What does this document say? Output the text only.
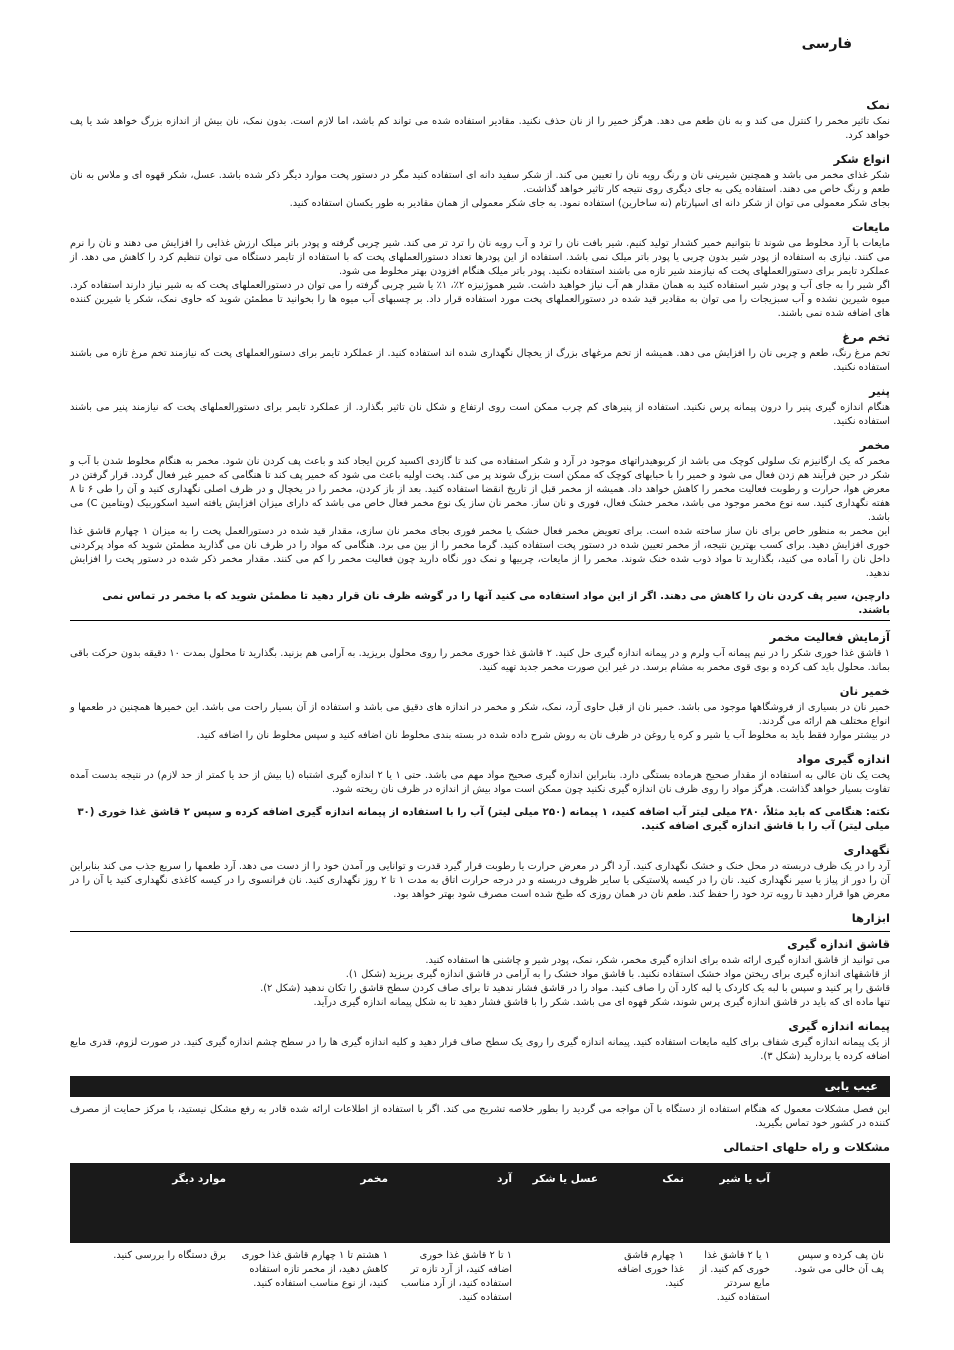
فارسی
نمک

نمک تاثیر مخمر را کنترل می کند و به نان طعم می دهد. هرگز خمیر را از نان حذف نکنید. مقادیر استفاده شده می تواند کم باشد، اما لازم است. بدون نمک، نان بیش از اندازه بزرگ خواهد شد یا پف خواهد کرد.

انواع شکر

شکر غذای مخمر می باشد و همچنین شیرینی نان و رنگ رویه نان را تعیین می کند. از شکر سفید دانه ای استفاده کنید مگر در دستور پخت موارد دیگر ذکر شده باشد. عسل، شکر قهوه ای و ملاس به نان طعم و رنگ خاص می دهند. استفاده یکی به جای دیگری روی نتیجه کار تاثیر خواهد گذاشت.

بجای شکر معمولی می توان از شکر دانه ای اسپارتام (نه ساخارین) استفاده نمود. به جای شکر معمولی از همان مقادیر به طور یکسان استفاده کنید.

مایعات

مایعات با آرد مخلوط می شوند تا بتوانیم خمیر کشدار تولید کنیم. شیر بافت نان را ترد و آب رویه نان را ترد تر می کند. شیر چربی گرفته و پودر باتر میلک ارزش غذایی را افزایش می دهند و نان را نرم می کنند. نیازی به استفاده از پودر شیر بدون چربی یا پودر باتر میلک نمی باشد. استفاده از این پودرها تعداد دستورالعملهای پخت که با استفاده از تایمر دستگاه می توان تنظیم کرد را کاهش می دهد. از عملکرد تایمر برای دستورالعملهای پخت که نیازمند شیر تازه می باشند استفاده نکنید. پودر باتر میلک هنگام افزودن بهتر مخلوط می شود.

اگر شیر را به جای آب و پودر شیر استفاده کنید به همان مقدار هم آب نیاز خواهید داشت. شیر هموژنیزه ۲٪، ۱٪ یا شیر چربی گرفته را می توان در دستورالعملهای پخت که به شیر نیاز دارند استفاده کرد. میوه شیرین نشده و آب سبزیجات را می توان به مقادیر قید شده در دستورالعملهای پخت مورد استفاده قرار داد. بر چسبهای آب میوه ها را بخوانید تا مطمئن شوید که حاوی نمک، شکر یا شیرین کننده های اضافه شده نمی باشند.

تخم مرغ

تخم مرغ رنگ، طعم و چربی نان را افزایش می دهد. همیشه از تخم مرغهای بزرگ از یخچال نگهداری شده اند استفاده کنید. از عملکرد تایمر برای دستورالعملهای پخت که نیازمند تخم مرغ تازه می باشند استفاده نکنید.

پنیر

هنگام اندازه گیری پنیر را درون پیمانه پرس نکنید. استفاده از پنیرهای کم چرب ممکن است روی ارتفاع و شکل نان تاثیر بگذارد. از عملکرد تایمر برای دستورالعملهای پخت که نیازمند پنیر می باشند استفاده نکنید.

مخمر

مخمر که یک ارگانیزم تک سلولی کوچک می باشد از کربوهیدراتهای موجود در آرد و شکر استفاده می کند تا گازدی اکسید کربن ایجاد کند و باعث پف کردن نان شود. مخمر به هنگام مخلوط شدن با آب و شکر در حین فرآیند هم زدن فعال می شود و خمیر را با حبابهای کوچک که ممکن است بزرگ شوند پر می کند. پخت اولیه باعث می شود که خمیر پف کند تا هنگامی که خمیر غیر فعال گردد. قرار گرفتن در معرض هوا، حرارت و رطوبت فعالیت مخمر را کاهش خواهد داد. همیشه از مخمر قبل از تاریخ انقضا استفاده کنید. بعد از باز کردن، مخمر را در یخچال و در ظرف اصلی نگهداری کنید و آن را طی ۶ تا ۸ هفته نگهداری کنید. سه نوع مخمر موجود می باشد، مخمر خشک فعال، فوری و نان ساز. مخمر نان ساز یک نوع مخمر فعال خاص می باشد که دارای میزان افزایش یافته اسید اسکوربیک (ویتامین C) می باشد.

این مخمر به منظور خاص برای نان ساز ساخته شده است. برای تعویض مخمر فعال خشک یا مخمر فوری بجای مخمر نان سازی، مقدار قید شده در دستورالعمل پخت را به میزان ۱ چهارم قاشق غذا خوری افزایش دهید. برای کسب بهترین نتیجه، از مخمر تعیین شده در دستور پخت استفاده کنید. گرما مخمر را از بین می برد. هنگامی که مواد را در ظرف نان می گذارید مطمئن شوید که مواد پرکردنی داخل نان را آماده می کنید، بگذارید تا مواد ذوب شده خنک شوند. مخمر را از مایعات، چربیها و نمک دور نگاه دارید چون فعالیت مخمر را کم می کنند. مقدار مخمر ذکر شده در دستور پخت را افزایش ندهید.

دارچین، سیر پف کردن نان را کاهش می دهند. اگر از این مواد استفاده می کنید آنها را در گوشه ظرف نان قرار دهید تا مطمئن شوید که با مخمر در تماس نمی باشند.
آزمایش فعالیت مخمر

۱ قاشق غذا خوری شکر را در نیم پیمانه آب ولرم و در پیمانه اندازه گیری حل کنید. ۲ قاشق غذا خوری مخمر را روی محلول بریزید. به آرامی هم بزنید. بگذارید تا محلول بمدت ۱۰ دقیقه بدون حرکت باقی بماند. محلول باید کف کرده و بوی قوی مخمر به مشام برسد. در غیر این صورت مخمر جدید تهیه کنید.

خمیر نان

خمیر نان در بسیاری از فروشگاهها موجود می باشد. خمیر نان از قبل حاوی آرد، نمک، شکر و مخمر در اندازه های دقیق می باشد و استفاده از آن بسیار راحت می باشد. این خمیرها همچنین در طعمها و انواع مختلف هم ارائه می گردند.

در بیشتر موارد فقط باید به مخلوط آب یا شیر و کره یا روغن در ظرف نان به روش شرح داده شده در بسته بندی مخلوط نان اضافه کنید و سپس مخلوط نان را اضافه کنید.

اندازه گیری مواد

پخت یک نان عالی به استفاده از مقدار صحیح هرماده بستگی دارد. بنابراین اندازه گیری صحیح مواد مهم می باشد. حتی ۱ یا ۲ اندازه گیری اشتباه (یا بیش از حد یا کمتر از حد لازم) در نتیجه بدست آمده تفاوت بسیار خواهد گذاشت. هرگز مواد را روی ظرف نان اندازه گیری نکنید چون ممکن است مواد بیش از اندازه در ظرف نان ریخته شود.

نکته: هنگامی که باید مثلاً، ۲۸۰ میلی لیتر آب اضافه کنید، ۱ پیمانه (۲۵۰ میلی لیتر) آب را با استفاده از پیمانه اندازه گیری اضافه کرده و سپس ۲ قاشق غذا خوری (۳۰ میلی لیتر) آب را با قاشق اندازه گیری اضافه کنید.
نگهداری

آرد را در یک ظرف دربسته در محل خنک و خشک نگهداری کنید. آرد اگر در معرض حرارت یا رطوبت قرار گیرد قدرت و توانایی ور آمدن خود را از دست می دهد. آرد طعمها را سریع جذب می کند بنابراین آن را دور از پیاز یا سیر نگهداری کنید. نان را در کیسه پلاستیکی یا سایر ظروف دربسته و در درجه حرارت اتاق به مدت ۱ تا ۲ روز نگهداری کنید. نان فرانسوی را در کیسه کاغذی نگهداری کنید یا آن را در معرض هوا قرار دهید تا رویه ترد خود را حفظ کند. طعم نان در همان روزی که طبخ شده است مصرف شود بهتر خواهد بود.

ابزارها
قاشق اندازه گیری

می توانید از قاشق اندازه گیری ارائه شده برای اندازه گیری مخمر، شکر، نمک، پودر شیر و چاشنی ها استفاده کنید.

از قاشقهای اندازه گیری برای ریختن مواد خشک استفاده نکنید. با قاشق مواد خشک را به آرامی در قاشق اندازه گیری بریزید (شکل ۱).

قاشق را پر کنید و سپس با لبه یک کاردک یا لبه کارد آن را صاف کنید. مواد را در قاشق فشار ندهید تا برای صاف کردن سطح قاشق را تکان ندهید (شکل ۲).

تنها ماده ای که باید در قاشق اندازه گیری پرس شوند، شکر قهوه ای می باشد. شکر را با قاشق فشار دهید تا به شکل پیمانه اندازه گیری درآید.

پیمانه اندازه گیری

از یک پیمانه اندازه گیری شفاف برای کلیه مایعات استفاده کنید. پیمانه اندازه گیری را روی یک سطح صاف قرار دهید و کلیه اندازه گیری ها را در سطح چشم اندازه گیری کنید. در صورت لزوم، قدری مایع اضافه کرده یا بردارید (شکل ۳).

عیب یابی

این فصل مشکلات معمول که هنگام استفاده از دستگاه با آن مواجه می گردید را بطور خلاصه تشریح می کند. اگر با استفاده از اطلاعات ارائه شده قادر به رفع مشکل نیستید، با مرکز حمایت از مصرف کننده در کشور خود تماس بگیرید.

مشکلات و راه حلهای احتمالی
	آب یا شیر	نمک	عسل یا شکر	آرد	مخمر	موارد دیگر
نان پف کرده و سپس پف آن خالی می شود.	۱ یا ۲ قاشق غذا خوری کم کنید. از مایع سردتر استفاده کنید.	۱ چهارم قاشق غذا خوری اضافه کنید.		۱ تا ۲ قاشق غذا خوری اضافه کنید، از آرد تازه تر استفاده کنید، از آرد مناسب استفاده کنید.	۱ هشتم تا ۱ چهارم قاشق غذا خوری کاهش دهید، از مخمر تازه استفاده کنید، از نوع مناسب استفاده کنید.	برق دستگاه را بررسی کنید.
